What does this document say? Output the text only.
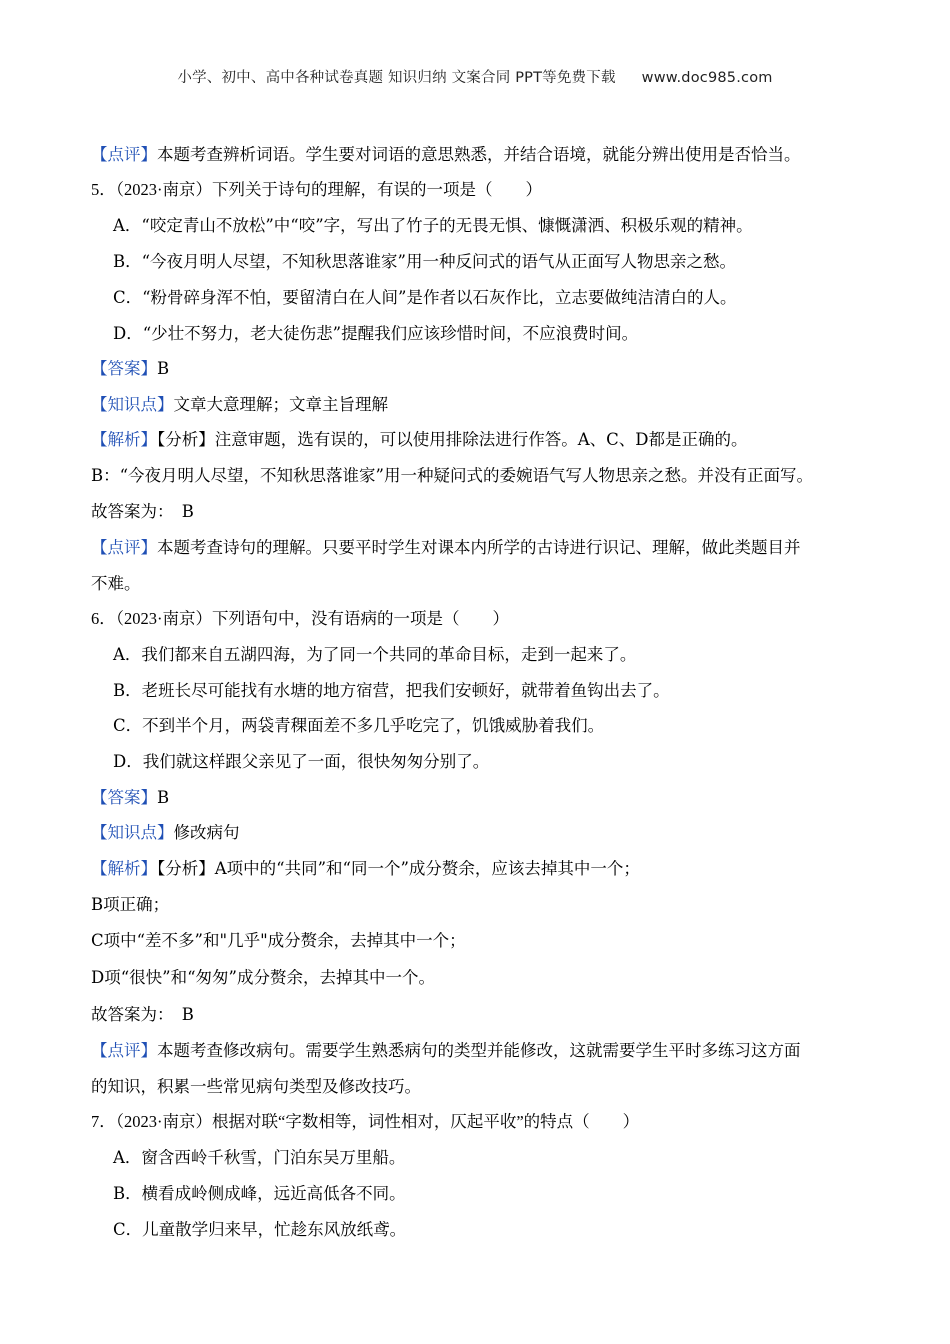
小学、初中、高中各种试卷真题 知识归纳 文案合同 PPT等免费下载 www.doc985.com
【点评】本题考查辨析词语。学生要对词语的意思熟悉，并结合语境，就能分辨出使用是否恰当。
5．（2023·南京）下列关于诗句的理解，有误的一项是（　　）
A．“咬定青山不放松”中“咬”字，写出了竹子的无畏无惧、慷慨潇洒、积极乐观的精神。
B．“今夜月明人尽望，不知秋思落谁家”用一种反问式的语气从正面写人物思亲之愁。
C．“粉骨碎身浑不怕，要留清白在人间”是作者以石灰作比，立志要做纯洁清白的人。
D．“少壮不努力，老大徒伤悲”提醒我们应该珍惜时间，不应浪费时间。
【答案】B
【知识点】文章大意理解；文章主旨理解
【解析】【分析】注意审题，选有误的，可以使用排除法进行作答。A、C、D都是正确的。
B：“今夜月明人尽望，不知秋思落谁家”用一种疑问式的委婉语气写人物思亲之愁。并没有正面写。
故答案为：　B
【点评】本题考查诗句的理解。只要平时学生对课本内所学的古诗进行识记、理解，做此类题目并
不难。
6．（2023·南京）下列语句中，没有语病的一项是（　　）
A．我们都来自五湖四海，为了同一个共同的革命目标，走到一起来了。
B．老班长尽可能找有水塘的地方宿营，把我们安顿好，就带着鱼钩出去了。
C．不到半个月，两袋青稞面差不多几乎吃完了，饥饿威胁着我们。
D．我们就这样跟父亲见了一面，很快匆匆分别了。
【答案】B
【知识点】修改病句
【解析】【分析】A项中的“共同”和“同一个”成分赘余，应该去掉其中一个；
B项正确；
C项中“差不多”和"几乎"成分赘余，去掉其中一个；
D项“很快”和“匆匆”成分赘余，去掉其中一个。
故答案为：　B
【点评】本题考查修改病句。需要学生熟悉病句的类型并能修改，这就需要学生平时多练习这方面
的知识，积累一些常见病句类型及修改技巧。
7．（2023·南京）根据对联“字数相等，词性相对，仄起平收”的特点（　　）
A．窗含西岭千秋雪，门泊东吴万里船。
B．横看成岭侧成峰，远近高低各不同。
C．儿童散学归来早，忙趁东风放纸鸢。
